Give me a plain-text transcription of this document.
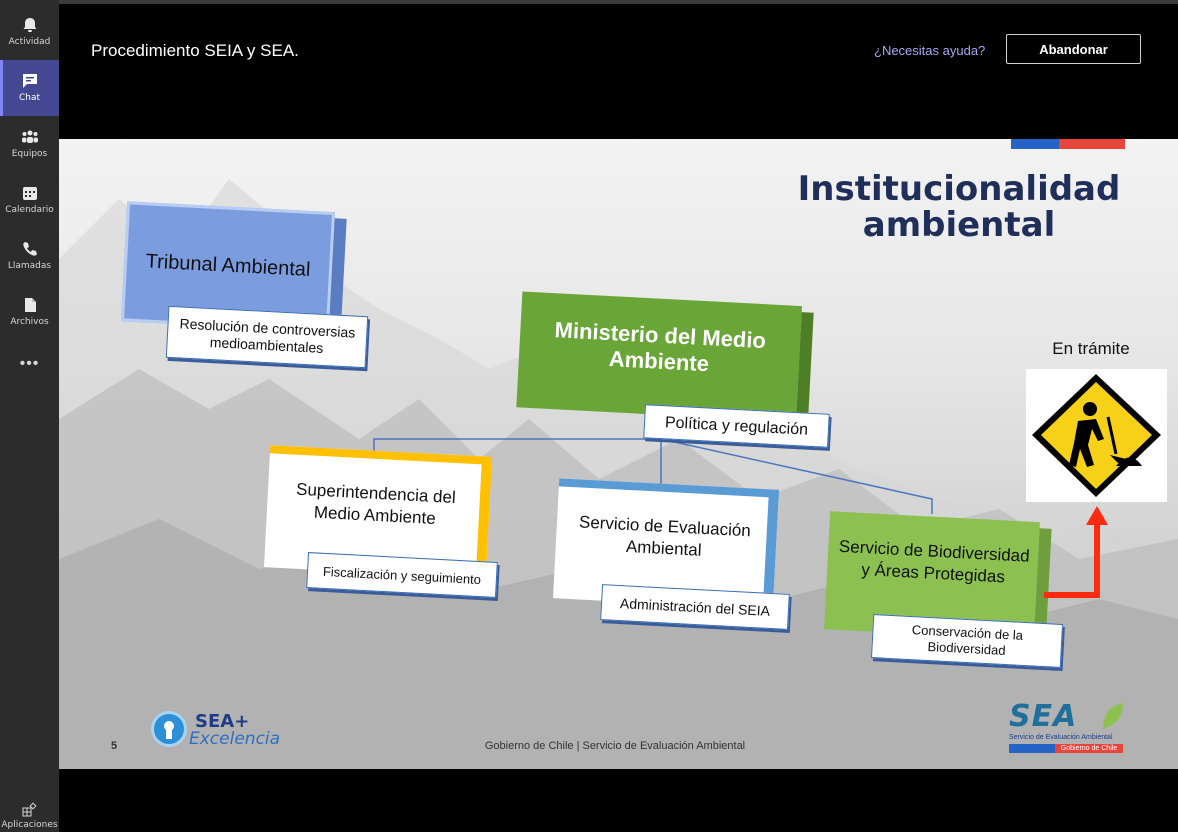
Actividad
Chat
Equipos
Calendario
Llamadas
Archivos
•••
Aplicaciones
Procedimiento SEIA y SEA.	¿Necesitas ayuda?	Abandonar
Institucionalidad
ambiental
Tribunal Ambiental
Resolución de controversias medioambientales	Ministerio del Medio Ambiente
Política y regulación
Superintendencia del Medio Ambiente
Fiscalización y seguimiento
Servicio de Evaluación Ambiental
Administración del SEIA
Servicio de Biodiversidad y Áreas Protegidas
Conservación de la Biodiversidad
En trámite
SEA+
Excelencia
5	Gobierno de Chile | Servicio de Evaluación Ambiental
SEA
Servicio de Evaluación Ambiental
Gobierno de Chile
